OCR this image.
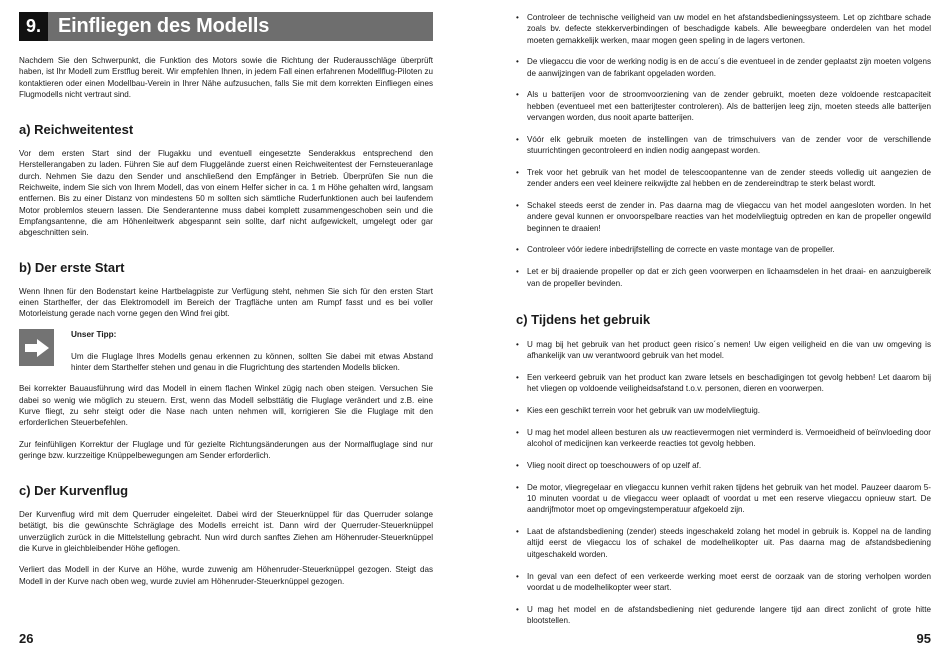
9. Einfliegen des Modells

Nachdem Sie den Schwerpunkt, die Funktion des Motors sowie die Richtung der Ruderausschläge überprüft haben, ist Ihr Modell zum Erstflug bereit. Wir empfehlen Ihnen, in jedem Fall einen erfahrenen Modellflug-Piloten zu kontaktieren oder einen Modellbau-Verein in Ihrer Nähe aufzusuchen, falls Sie mit dem korrekten Einfliegen eines Flugmodells nicht vertraut sind.

a) Reichweitentest

Vor dem ersten Start sind der Flugakku und eventuell eingesetzte Senderakkus entsprechend den Herstellerangaben zu laden. Führen Sie auf dem Fluggelände zuerst einen Reichweitentest der Fernsteueranlage durch. Nehmen Sie dazu den Sender und anschließend den Empfänger in Betrieb. Überprüfen Sie nun die Reichweite, indem Sie sich von Ihrem Modell, das von einem Helfer sicher in ca. 1 m Höhe gehalten wird, langsam entfernen. Bis zu einer Distanz von mindestens 50 m sollten sich sämtliche Ruderfunktionen auch bei laufendem Motor problemlos steuern lassen. Die Senderantenne muss dabei komplett zusammengeschoben sein und die Empfangsantenne, die am Höhenleitwerk abgespannt sein sollte, darf nicht aufgewickelt, umgelegt oder gar abgeschnitten sein.

b) Der erste Start

Wenn Ihnen für den Bodenstart keine Hartbelagpiste zur Verfügung steht, nehmen Sie sich für den ersten Start einen Starthelfer, der das Elektromodell im Bereich der Tragfläche unten am Rumpf fasst und es bei voller Motorleistung gerade nach vorne gegen den Wind frei gibt.

Unser Tipp:

Um die Fluglage Ihres Modells genau erkennen zu können, sollten Sie dabei mit etwas Abstand hinter dem Starthelfer stehen und genau in die Flugrichtung des startenden Modells blicken.

Bei korrekter Bauausführung wird das Modell in einem flachen Winkel zügig nach oben steigen. Versuchen Sie dabei so wenig wie möglich zu steuern. Erst, wenn das Modell selbsttätig die Fluglage verändert und z.B. eine Kurve fliegt, zu sehr steigt oder die Nase nach unten nehmen will, korrigieren Sie die Fluglage mit den erforderlichen Steuerbefehlen.

Zur feinfühligen Korrektur der Fluglage und für gezielte Richtungsänderungen aus der Normalfluglage sind nur geringe bzw. kurzzeitige Knüppelbewegungen am Sender erforderlich.

c) Der Kurvenflug

Der Kurvenflug wird mit dem Querruder eingeleitet. Dabei wird der Steuerknüppel für das Querruder solange betätigt, bis die gewünschte Schräglage des Modells erreicht ist. Dann wird der Querruder-Steuerknüppel unverzüglich zurück in die Mittelstellung gebracht. Nun wird durch sanftes Ziehen am Höhenruder-Steuerknüppel die Kurve in gleichbleibender Höhe geflogen.

Verliert das Modell in der Kurve an Höhe, wurde zuwenig am Höhenruder-Steuerknüppel gezogen. Steigt das Modell in der Kurve nach oben weg, wurde zuviel am Höhenruder-Steuerknüppel gezogen.

26
• Controleer de technische veiligheid van uw model en het afstandsbedieningssysteem. Let op zichtbare schade zoals bv. defecte stekkerverbindingen of beschadigde kabels. Alle beweegbare onderdelen van het model moeten gemakkelijk werken, maar mogen geen speling in de lagers vertonen.
• De vliegaccu die voor de werking nodig is en de accu´s die eventueel in de zender geplaatst zijn moeten volgens de aanwijzingen van de fabrikant opgeladen worden.
• Als u batterijen voor de stroomvoorziening van de zender gebruikt, moeten deze voldoende restcapaciteit hebben (eventueel met een batterijtester controleren). Als de batterijen leeg zijn, moeten steeds alle batterijen vervangen worden, dus nooit aparte batterijen.
• Vóór elk gebruik moeten de instellingen van de trimschuivers van de zender voor de verschillende stuurrichtingen gecontroleerd en indien nodig aangepast worden.
• Trek voor het gebruik van het model de telescoopantenne van de zender steeds volledig uit aangezien de zender anders een veel kleinere reikwijdte zal hebben en de zendereindtrap te sterk belast wordt.
• Schakel steeds eerst de zender in. Pas daarna mag de vliegaccu van het model aangesloten worden. In het andere geval kunnen er onvoorspelbare reacties van het modelvliegtuig optreden en kan de propeller ongewild beginnen te draaien!
• Controleer vóór iedere inbedrijfstelling de correcte en vaste montage van de propeller.
• Let er bij draaiende propeller op dat er zich geen voorwerpen en lichaamsdelen in het draai- en aanzuigbereik van de propeller bevinden.
c) Tijdens het gebruik
• U mag bij het gebruik van het product geen risico´s nemen! Uw eigen veiligheid en die van uw omgeving is afhankelijk van uw verantwoord gebruik van het model.
• Een verkeerd gebruik van het product kan zware letsels en beschadigingen tot gevolg hebben! Let daarom bij het vliegen op voldoende veiligheidsafstand t.o.v. personen, dieren en voorwerpen.
• Kies een geschikt terrein voor het gebruik van uw modelvliegtuig.
• U mag het model alleen besturen als uw reactievermogen niet verminderd is. Vermoeidheid of beïnvloeding door alcohol of medicijnen kan verkeerde reacties tot gevolg hebben.
• Vlieg nooit direct op toeschouwers of op uzelf af.
• De motor, vliegregelaar en vliegaccu kunnen verhit raken tijdens het gebruik van het model. Pauzeer daarom 5-10 minuten voordat u de vliegaccu weer oplaadt of voordat u met een reserve vliegaccu opnieuw start. De aandrijfmotor moet op omgevingstemperatuur afgekoeld zijn.
• Laat de afstandsbediening (zender) steeds ingeschakeld zolang het model in gebruik is. Koppel na de landing altijd eerst de vliegaccu los of schakel de modelhelikopter uit. Pas daarna mag de afstandsbediening uitgeschakeld worden.
• In geval van een defect of een verkeerde werking moet eerst de oorzaak van de storing verholpen worden voordat u de modelhelikopter weer start.
• U mag het model en de afstandsbediening niet gedurende langere tijd aan direct zonlicht of grote hitte blootstellen.
95
